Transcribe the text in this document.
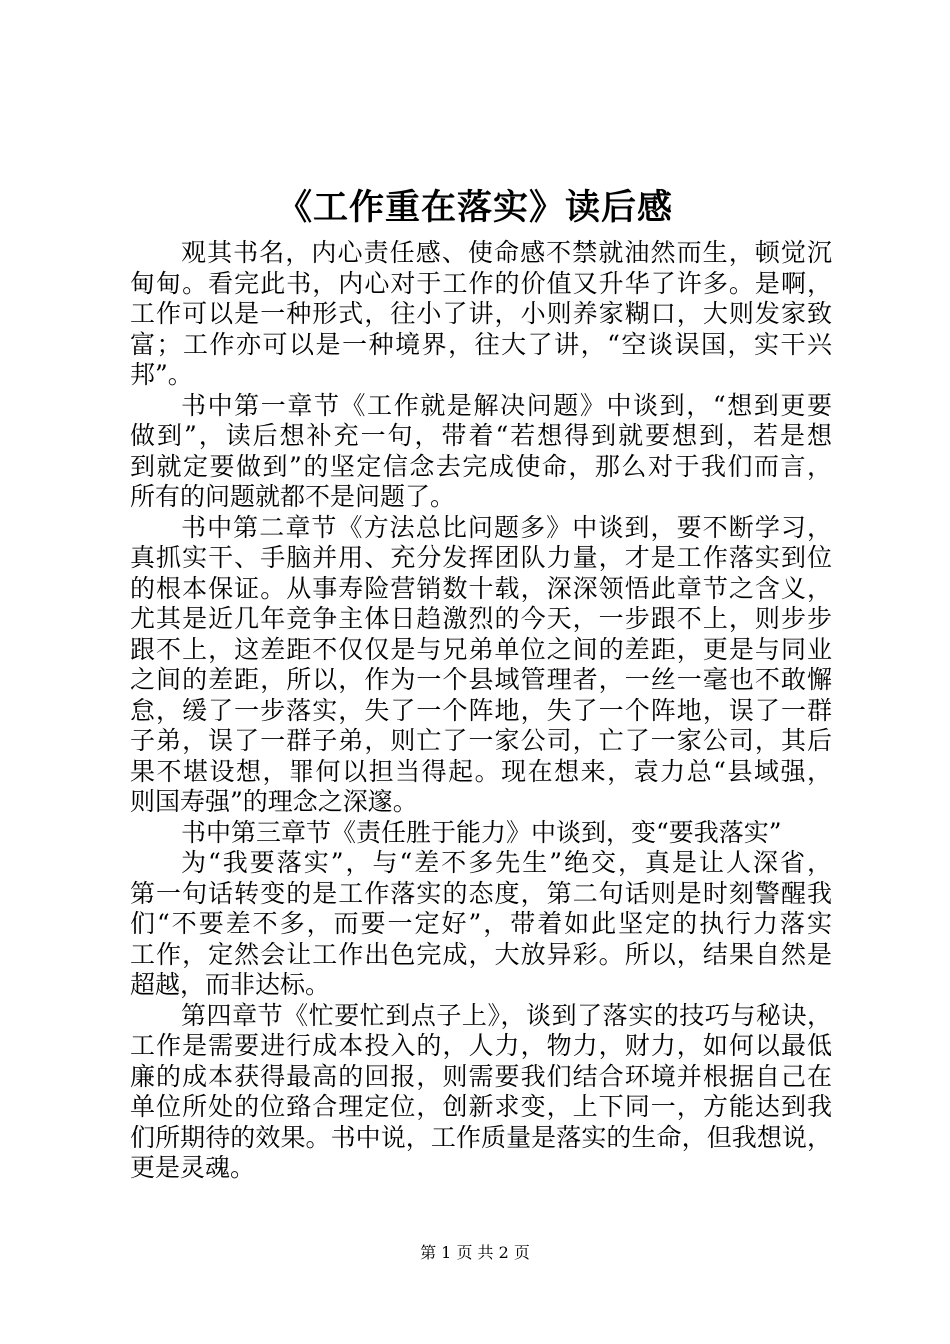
《工作重在落实》读后感
观其书名，内心责任感、使命感不禁就油然而生，顿觉沉
甸甸。看完此书，内心对于工作的价值又升华了许多。是啊，
工作可以是一种形式，往小了讲，小则养家糊口，大则发家致
富；工作亦可以是一种境界，往大了讲，“空谈误国，实干兴
邦”。
书中第一章节《工作就是解决问题》中谈到，“想到更要
做到”，读后想补充一句，带着“若想得到就要想到，若是想
到就定要做到”的坚定信念去完成使命，那么对于我们而言，
所有的问题就都不是问题了。
书中第二章节《方法总比问题多》中谈到，要不断学习，
真抓实干、手脑并用、充分发挥团队力量，才是工作落实到位
的根本保证。从事寿险营销数十载，深深领悟此章节之含义，
尤其是近几年竞争主体日趋激烈的今天，一步跟不上，则步步
跟不上，这差距不仅仅是与兄弟单位之间的差距，更是与同业
之间的差距，所以，作为一个县域管理者，一丝一毫也不敢懈
怠，缓了一步落实，失了一个阵地，失了一个阵地，误了一群
子弟，误了一群子弟，则亡了一家公司，亡了一家公司，其后
果不堪设想，罪何以担当得起。现在想来，袁力总“县域强，
则国寿强”的理念之深邃。
书中第三章节《责任胜于能力》中谈到，变“要我落实”
为“我要落实”，与“差不多先生”绝交，真是让人深省，
第一句话转变的是工作落实的态度，第二句话则是时刻警醒我
们“不要差不多，而要一定好”，带着如此坚定的执行力落实
工作，定然会让工作出色完成，大放异彩。所以，结果自然是
超越，而非达标。
第四章节《忙要忙到点子上》，谈到了落实的技巧与秘诀，
工作是需要进行成本投入的，人力，物力，财力，如何以最低
廉的成本获得最高的回报，则需要我们结合环境并根据自己在
单位所处的位臵合理定位，创新求变，上下同一，方能达到我
们所期待的效果。书中说，工作质量是落实的生命，但我想说，
更是灵魂。
第 1 页 共 2 页
